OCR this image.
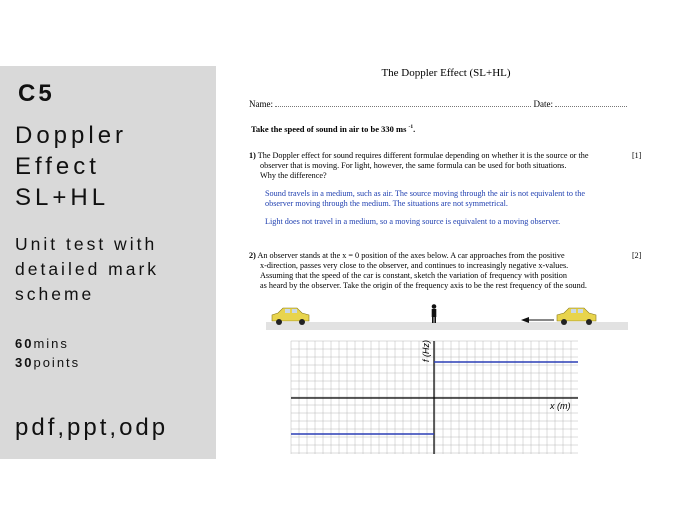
C5
Doppler
Effect
SL+HL
Unit test with
detailed mark
scheme
60mins
30points
pdf,ppt,odp
The Doppler Effect (SL+HL)
Name:	Date:
Take the speed of sound in air to be 330 ms $^{-1}$.
1) The Doppler effect for sound requires different formulae depending on whether it is the source or the
observer that is moving. For light, however, the same formula can be used for both situations.
Why the difference?
[1]
Sound travels in a medium, such as air. The source moving through the air is not equivalent to the
observer moving through the medium. The situations are not symmetrical.
Light does not travel in a medium, so a moving source is equivalent to a moving observer.
2) An observer stands at the x = 0 position of the axes below. A car approaches from the positive
x-direction, passes very close to the observer, and continues to increasingly negative x-values.
Assuming that the speed of the car is constant, sketch the variation of frequency with position
as heard by the observer. Take the origin of the frequency axis to be the rest frequency of the sound.
[2]
f (Hz)
x (m)
